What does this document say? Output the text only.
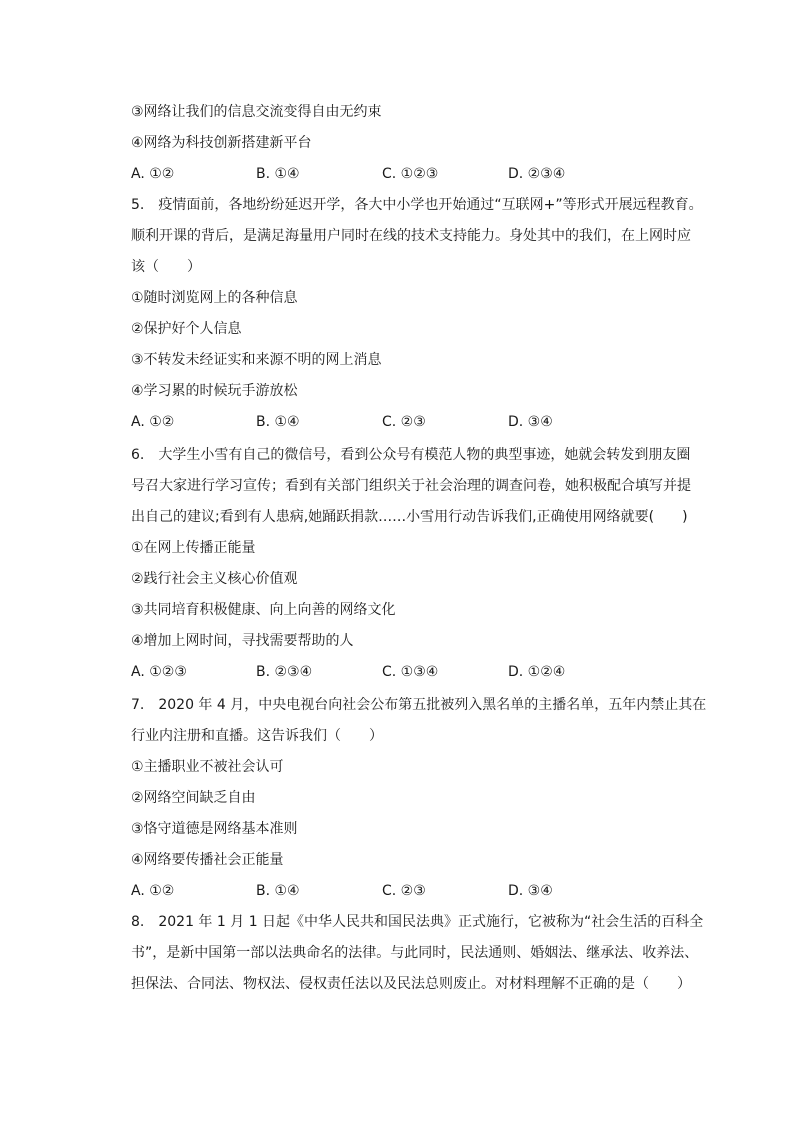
③网络让我们的信息交流变得自由无约束
④网络为科技创新搭建新平台
A. ①②	B. ①④	C. ①②③	D. ②③④
5.　疫情面前，各地纷纷延迟开学，各大中小学也开始通过“互联网+”等形式开展远程教育。
顺利开课的背后，是满足海量用户同时在线的技术支持能力。身处其中的我们，在上网时应
该（　　）
①随时浏览网上的各种信息
②保护好个人信息
③不转发未经证实和来源不明的网上消息
④学习累的时候玩手游放松
A. ①②	B. ①④	C. ②③	D. ③④
6.　大学生小雪有自己的微信号，看到公众号有模范人物的典型事迹，她就会转发到朋友圈
号召大家进行学习宣传；看到有关部门组织关于社会治理的调查问卷，她积极配合填写并提
出自己的建议;看到有人患病,她踊跃捐款……小雪用行动告诉我们,正确使用网络就要(　　)
①在网上传播正能量
②践行社会主义核心价值观
③共同培育积极健康、向上向善的网络文化
④增加上网时间，寻找需要帮助的人
A. ①②③	B. ②③④	C. ①③④	D. ①②④
7.　2020 年 4 月，中央电视台向社会公布第五批被列入黑名单的主播名单，五年内禁止其在
行业内注册和直播。这告诉我们（　　）
①主播职业不被社会认可
②网络空间缺乏自由
③恪守道德是网络基本准则
④网络要传播社会正能量
A. ①②	B. ①④	C. ②③	D. ③④
8.　2021 年 1 月 1 日起《中华人民共和国民法典》正式施行，它被称为“社会生活的百科全
书”，是新中国第一部以法典命名的法律。与此同时，民法通则、婚姻法、继承法、收养法、
担保法、合同法、物权法、侵权责任法以及民法总则废止。对材料理解不正确的是（　　）
